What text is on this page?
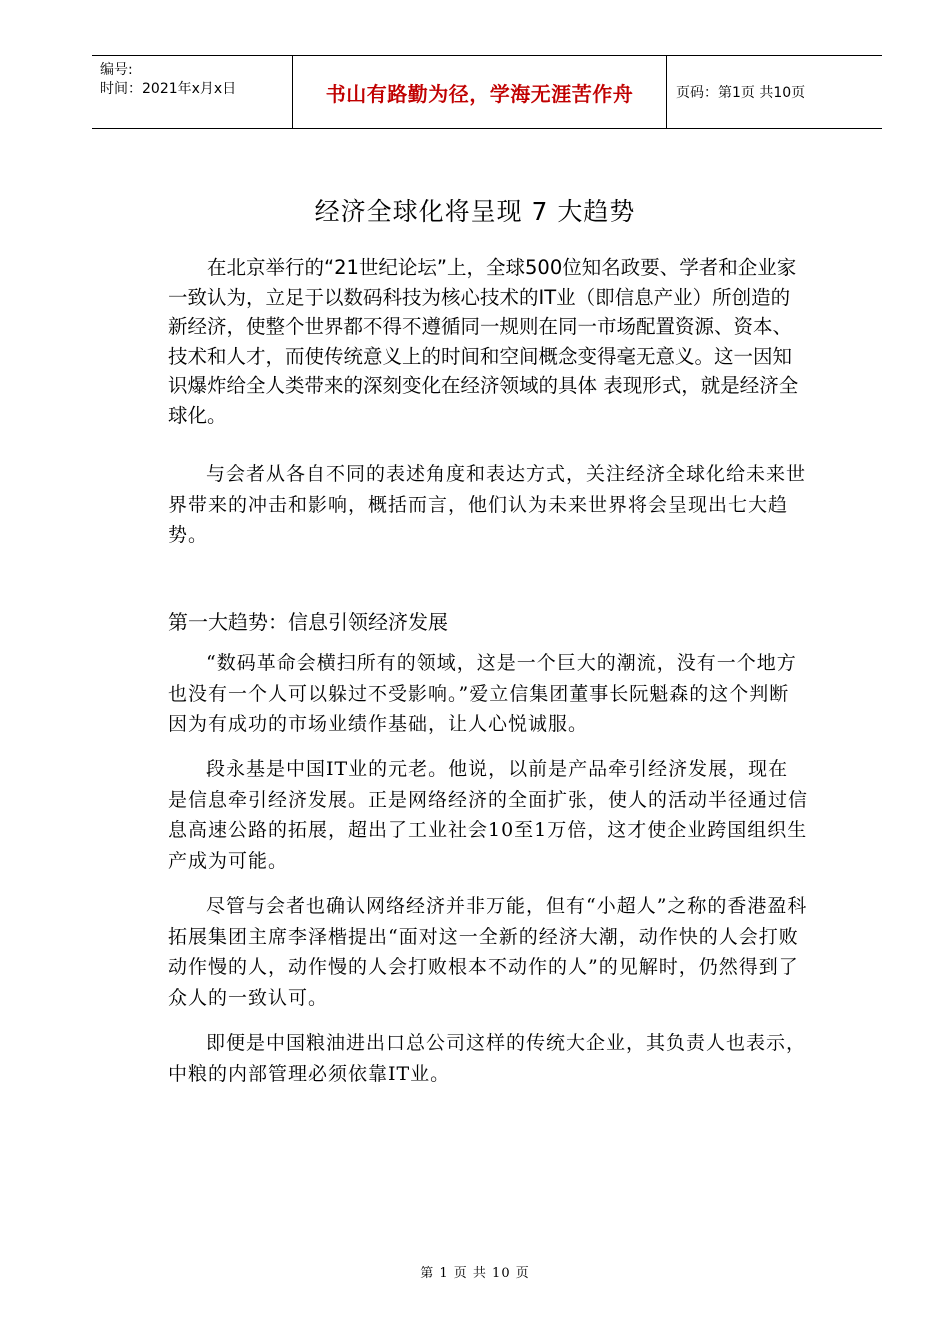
编号:
时间：2021年x月x日	书山有路勤为径，学海无涯苦作舟	页码：第1页 共10页
经济全球化将呈现 7 大趋势

在北京举行的“21世纪论坛”上，全球500位知名政要、学者和企业家一致认为，立足于以数码科技为核心技术的IT业（即信息产业）所创造的新经济，使整个世界都不得不遵循同一规则在同一市场配置资源、资本、技术和人才，而使传统意义上的时间和空间概念变得毫无意义。这一因知识爆炸给全人类带来的深刻变化在经济领域的具体 表现形式，就是经济全球化。

与会者从各自不同的表述角度和表达方式，关注经济全球化给未来世界带来的冲击和影响，概括而言，他们认为未来世界将会呈现出七大趋势。

第一大趋势：信息引领经济发展

“数码革命会横扫所有的领域，这是一个巨大的潮流，没有一个地方也没有一个人可以躲过不受影响。”爱立信集团董事长阮魁森的这个判断因为有成功的市场业绩作基础，让人心悦诚服。

段永基是中国IT业的元老。他说，以前是产品牵引经济发展，现在是信息牵引经济发展。正是网络经济的全面扩张，使人的活动半径通过信息高速公路的拓展，超出了工业社会10至1万倍，这才使企业跨国组织生产成为可能。

尽管与会者也确认网络经济并非万能，但有“小超人”之称的香港盈科拓展集团主席李泽楷提出“面对这一全新的经济大潮，动作快的人会打败动作慢的人，动作慢的人会打败根本不动作的人”的见解时，仍然得到了众人的一致认可。

即便是中国粮油进出口总公司这样的传统大企业，其负责人也表示，中粮的内部管理必须依靠IT业。

第 1 页 共 10 页
